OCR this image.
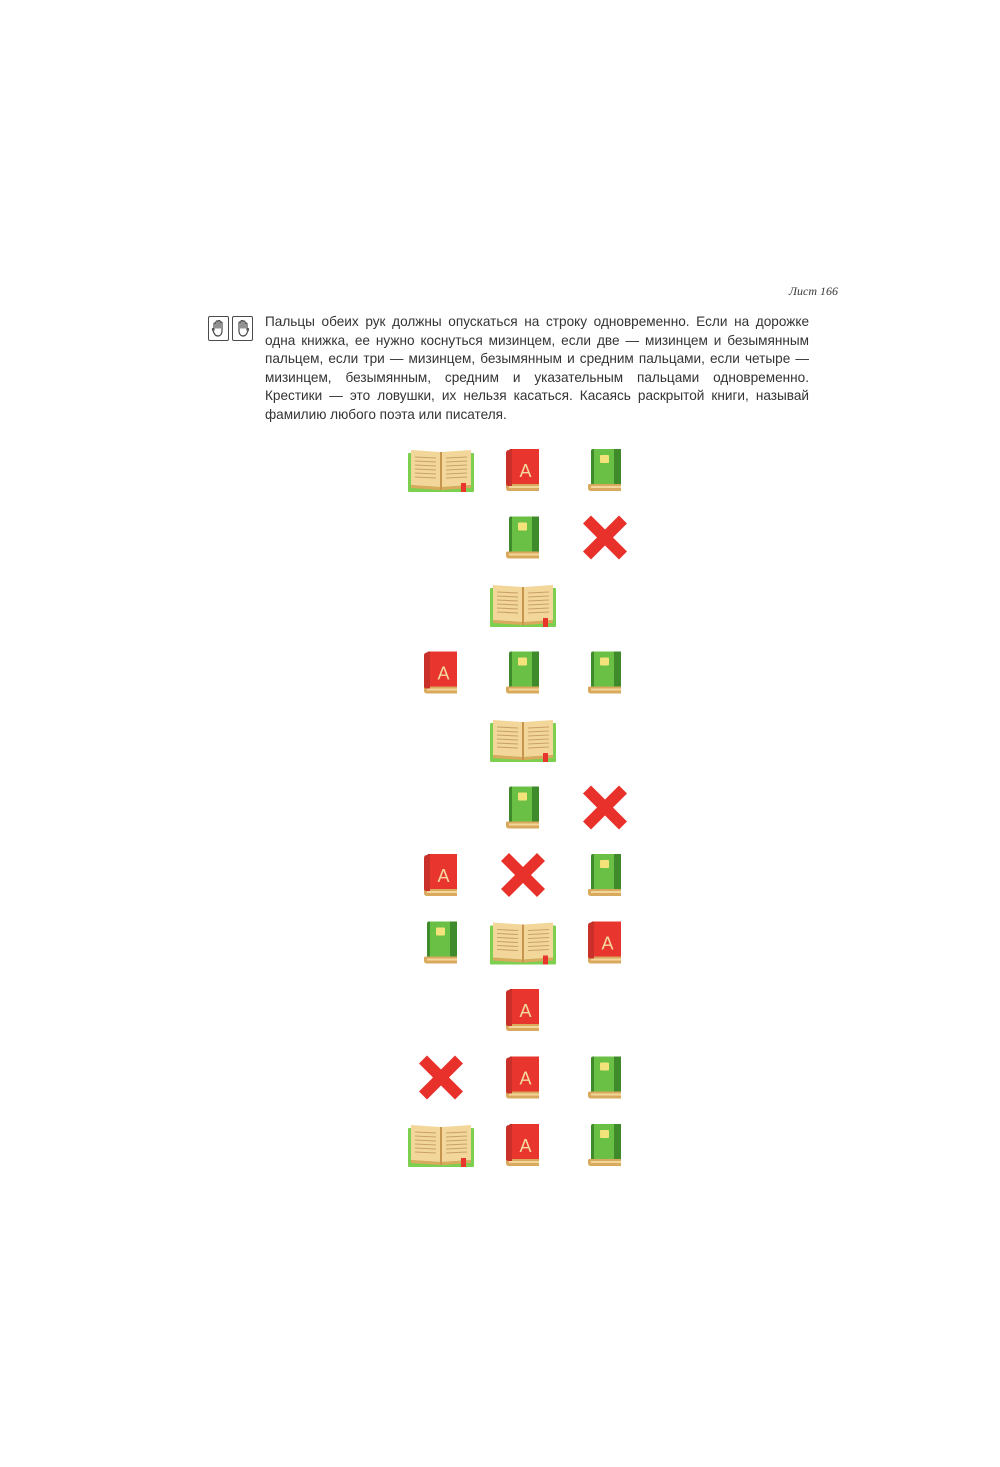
Лист 166

Пальцы обеих рук должны опускаться на строку одновременно. Если на дорожке одна книжка, ее нужно коснуться мизинцем, если две — мизинцем и безымянным пальцем, если три — мизинцем, безымянным и средним пальцами, если четыре — мизинцем, безымянным, средним и указательным пальцами одновременно. Крестики — это ловушки, их нельзя касаться. Касаясь раскрытой книги, называй фамилию любого поэта или писателя.
